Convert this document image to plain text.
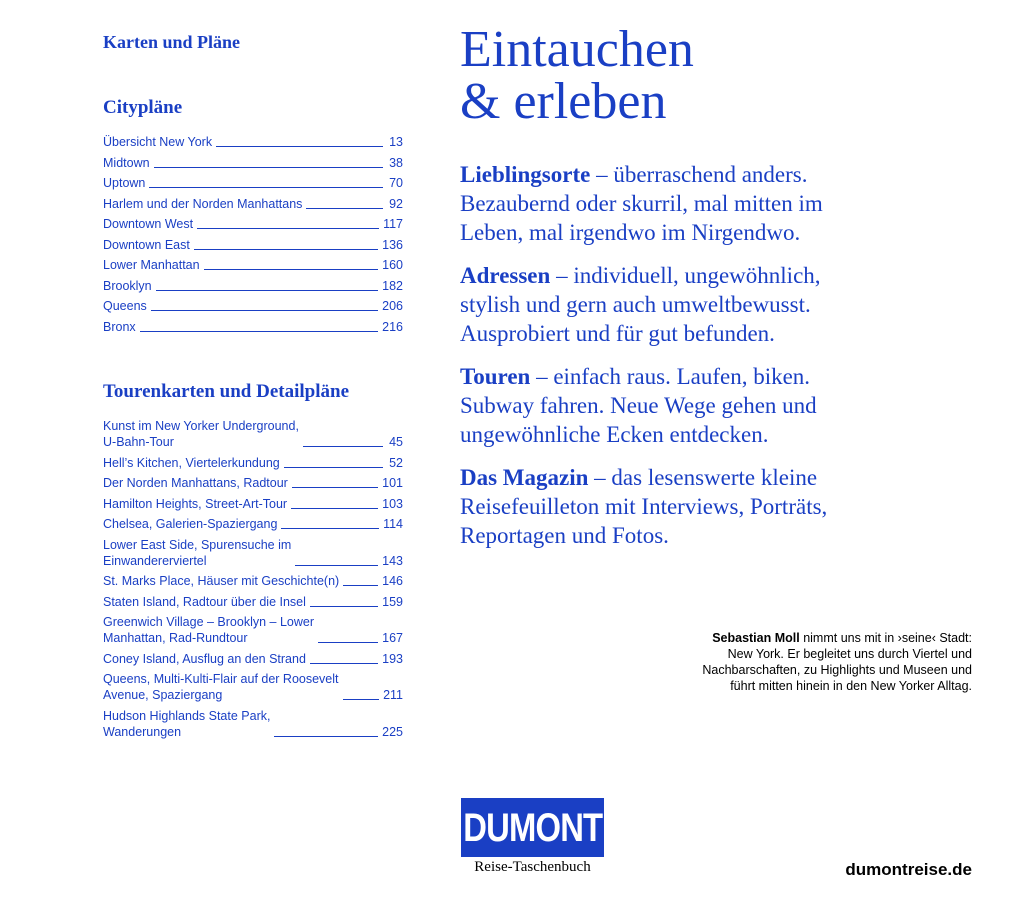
Karten und Pläne
Citypläne
Übersicht New York	13
Midtown	38
Uptown	70
Harlem und der Norden Manhattans	92
Downtown West	117
Downtown East	136
Lower Manhattan	160
Brooklyn	182
Queens	206
Bronx	216
Tourenkarten und Detailpläne
Kunst im New Yorker Underground,
U-Bahn-Tour	45
Hell’s Kitchen, Viertelerkundung	52
Der Norden Manhattans, Radtour	101
Hamilton Heights, Street-Art-Tour	103
Chelsea, Galerien-Spaziergang	114
Lower East Side, Spurensuche im
Einwandererviertel	143
St. Marks Place, Häuser mit Geschichte(n)	146
Staten Island, Radtour über die Insel	159
Greenwich Village – Brooklyn – Lower
Manhattan, Rad-Rundtour	167
Coney Island, Ausflug an den Strand	193
Queens, Multi-Kulti-Flair auf der Roosevelt
Avenue, Spaziergang	211
Hudson Highlands State Park,
Wanderungen	225
Eintauchen
& erleben

Lieblingsorte – überraschend anders. Bezaubernd oder skurril, mal mitten im Leben, mal irgendwo im Nirgendwo.

Adressen – individuell, ungewöhnlich, stylish und gern auch umweltbewusst. Ausprobiert und für gut befunden.

Touren – einfach raus. Laufen, biken. Subway fahren. Neue Wege gehen und ungewöhnliche Ecken entdecken.

Das Magazin – das lesenswerte kleine Reisefeuilleton mit Interviews, Porträts, Reportagen und Fotos.

Sebastian Moll nimmt uns mit in ›seine‹ Stadt: New York. Er begleitet uns durch Viertel und Nachbarschaften, zu Highlights und Museen und führt mitten hinein in den New Yorker Alltag.

DUMONT
Reise-Taschenbuch	dumontreise.de
